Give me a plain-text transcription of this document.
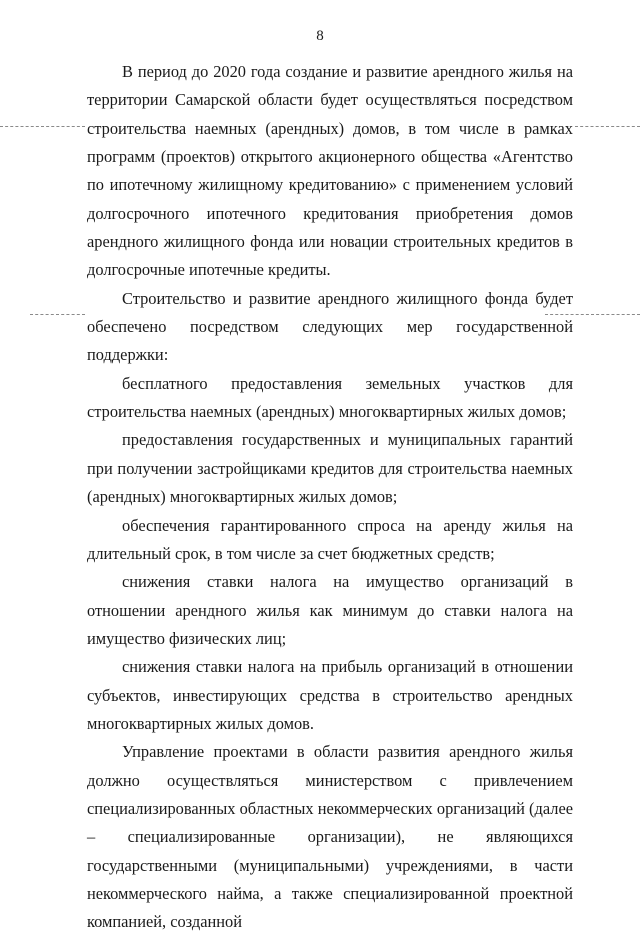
8

В период до 2020 года создание и развитие арендного жилья на территории Самарской области будет осуществляться посредством строительства наемных (арендных) домов, в том числе в рамках программ (проектов) открытого акционерного общества «Агентство по ипотечному жилищному кредитованию» с применением условий долгосрочного ипотечного кредитования приобретения домов арендного жилищного фонда или новации строительных кредитов в долгосрочные ипотечные кредиты.

Строительство и развитие арендного жилищного фонда будет обеспечено посредством следующих мер государственной поддержки:

бесплатного предоставления земельных участков для строительства наемных (арендных) многоквартирных жилых домов;

предоставления государственных и муниципальных гарантий при получении застройщиками кредитов для строительства наемных (арендных) многоквартирных жилых домов;

обеспечения гарантированного спроса на аренду жилья на длительный срок, в том числе за счет бюджетных средств;

снижения ставки налога на имущество организаций в отношении арендного жилья как минимум до ставки налога на имущество физических лиц;

снижения ставки налога на прибыль организаций в отношении субъектов, инвестирующих средства в строительство арендных многоквартирных жилых домов.

Управление проектами в области развития арендного жилья должно осуществляться министерством с привлечением специализированных областных некоммерческих организаций (далее – специализированные организации), не являющихся государственными (муниципальными) учреждениями, в части некоммерческого найма, а также специализированной проектной компанией, созданной
